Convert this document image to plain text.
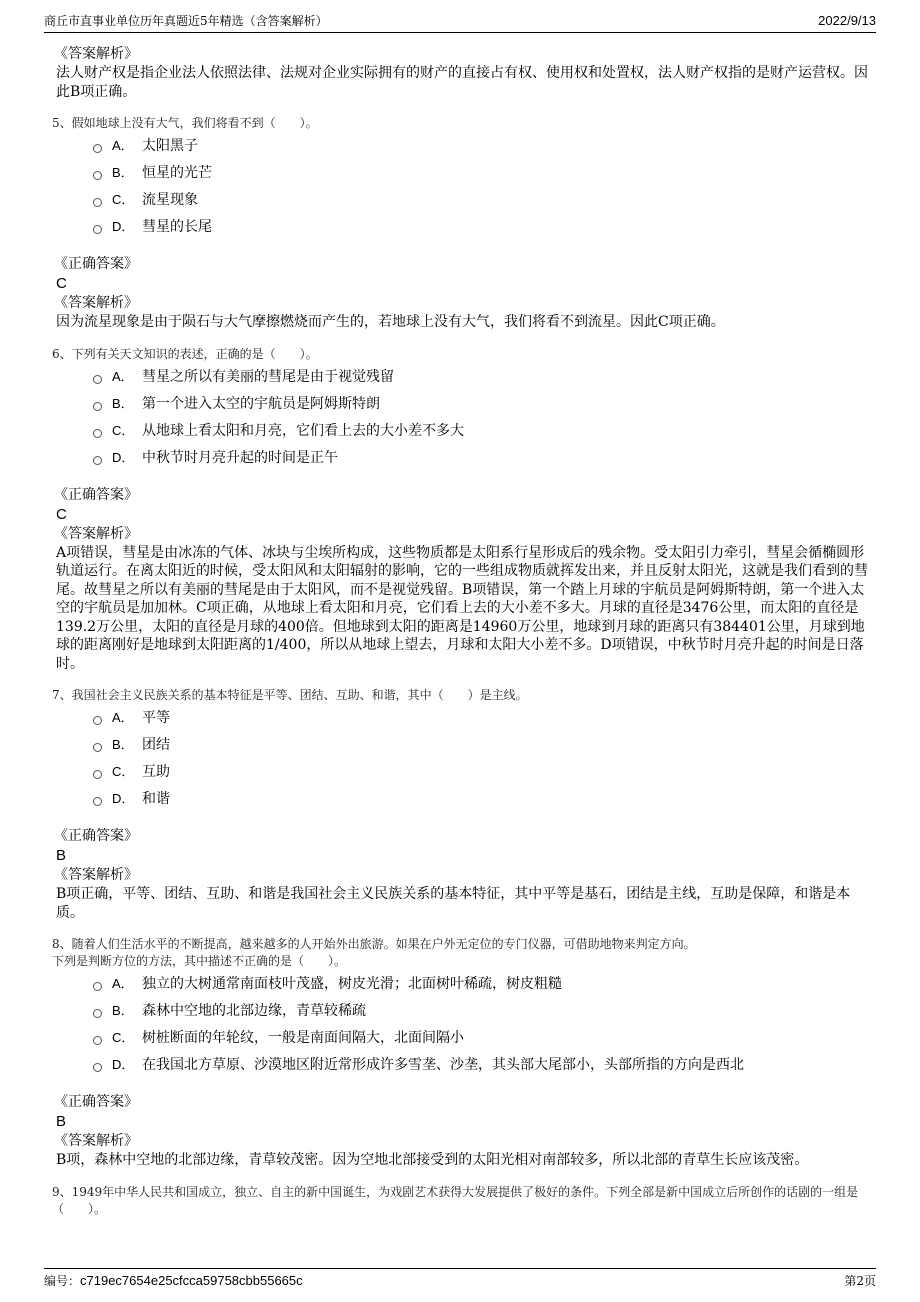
商丘市直事业单位历年真题近5年精选（含答案解析）	2022/9/13
《答案解析》
法人财产权是指企业法人依照法律、法规对企业实际拥有的财产的直接占有权、使用权和处置权，法人财产权指的是财产运营权。因此B项正确。
5、假如地球上没有大气，我们将看不到（　　）。
A． 太阳黑子
B． 恒星的光芒
C． 流星现象
D． 彗星的长尾
《正确答案》
C
《答案解析》
因为流星现象是由于陨石与大气摩擦燃烧而产生的，若地球上没有大气，我们将看不到流星。因此C项正确。
6、下列有关天文知识的表述，正确的是（　　）。
A． 彗星之所以有美丽的彗尾是由于视觉残留
B． 第一个进入太空的宇航员是阿姆斯特朗
C． 从地球上看太阳和月亮，它们看上去的大小差不多大
D． 中秋节时月亮升起的时间是正午
《正确答案》
C
《答案解析》
A项错误，彗星是由冰冻的气体、冰块与尘埃所构成，这些物质都是太阳系行星形成后的残余物。受太阳引力牵引，彗星会循椭圆形轨道运行。在离太阳近的时候，受太阳风和太阳辐射的影响，它的一些组成物质就挥发出来，并且反射太阳光，这就是我们看到的彗尾。故彗星之所以有美丽的彗尾是由于太阳风，而不是视觉残留。B项错误，第一个踏上月球的宇航员是阿姆斯特朗，第一个进入太空的宇航员是加加林。C项正确，从地球上看太阳和月亮，它们看上去的大小差不多大。月球的直径是3476公里，而太阳的直径是139.2万公里，太阳的直径是月球的400倍。但地球到太阳的距离是14960万公里，地球到月球的距离只有384401公里，月球到地球的距离刚好是地球到太阳距离的1/400，所以从地球上望去，月球和太阳大小差不多。D项错误，中秋节时月亮升起的时间是日落时。
7、我国社会主义民族关系的基本特征是平等、团结、互助、和谐，其中（　　）是主线。
A． 平等
B． 团结
C． 互助
D． 和谐
《正确答案》
B
《答案解析》
B项正确，平等、团结、互助、和谐是我国社会主义民族关系的基本特征，其中平等是基石，团结是主线，互助是保障，和谐是本质。
8、随着人们生活水平的不断提高，越来越多的人开始外出旅游。如果在户外无定位的专门仪器，可借助地物来判定方向。
下列是判断方位的方法，其中描述不正确的是（　　）。
A． 独立的大树通常南面枝叶茂盛，树皮光滑；北面树叶稀疏，树皮粗糙
B． 森林中空地的北部边缘，青草较稀疏
C． 树桩断面的年轮纹，一般是南面间隔大，北面间隔小
D． 在我国北方草原、沙漠地区附近常形成许多雪垄、沙垄，其头部大尾部小，头部所指的方向是西北
《正确答案》
B
《答案解析》
B项，森林中空地的北部边缘，青草较茂密。因为空地北部接受到的太阳光相对南部较多，所以北部的青草生长应该茂密。
9、1949年中华人民共和国成立，独立、自主的新中国诞生，为戏剧艺术获得大发展提供了极好的条件。下列全部是新中国成立后所创作的话剧的一组是（　　）。
编号：c719ec7654e25cfcca59758cbb55665c	第2页
